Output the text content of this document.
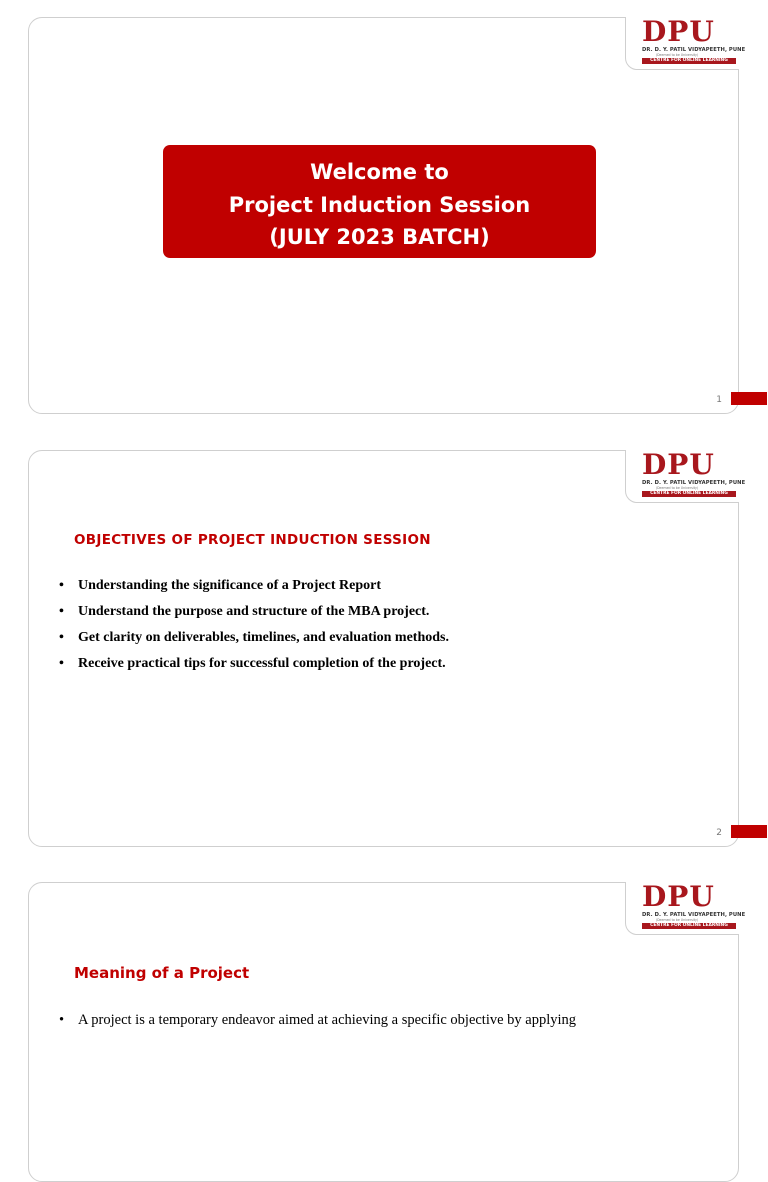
DPU
DR. D. Y. PATIL VIDYAPEETH, PUNE
(Deemed to be University)
CENTRE FOR ONLINE LEARNING
Welcome to
Project Induction Session
(JULY 2023 BATCH)
1
DPU
DR. D. Y. PATIL VIDYAPEETH, PUNE
(Deemed to be University)
CENTRE FOR ONLINE LEARNING
OBJECTIVES OF PROJECT INDUCTION SESSION
• Understanding the significance of a Project Report
• Understand the purpose and structure of the MBA project.
• Get clarity on deliverables, timelines, and evaluation methods.
• Receive practical tips for successful completion of the project.
2
DPU
DR. D. Y. PATIL VIDYAPEETH, PUNE
(Deemed to be University)
CENTRE FOR ONLINE LEARNING
Meaning of a Project
• A project is a temporary endeavor aimed at achieving a specific objective by applying
